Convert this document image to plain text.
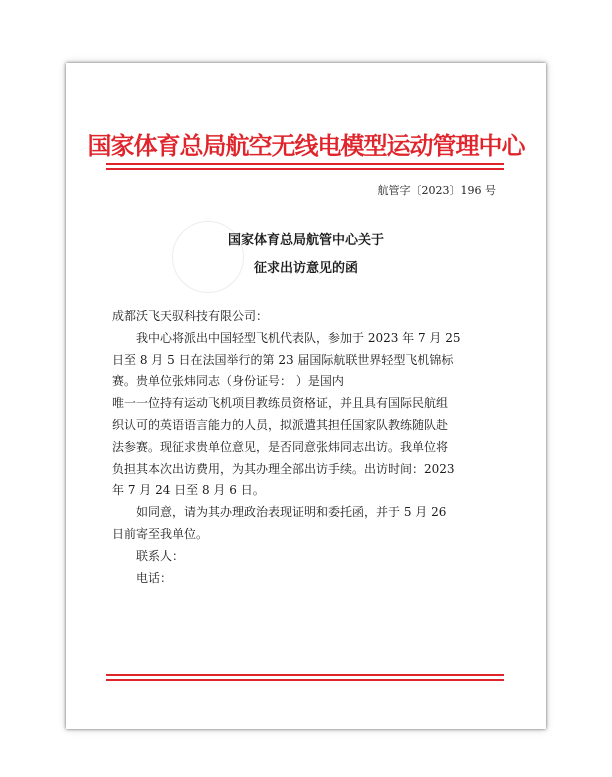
国家体育总局航空无线电模型运动管理中心
航管字〔2023〕196 号
国家体育总局航管中心关于
征求出访意见的函
成都沃飞天驭科技有限公司：
我中心将派出中国轻型飞机代表队，参加于 2023 年 7 月 25
日至 8 月 5 日在法国举行的第 23 届国际航联世界轻型飞机锦标
赛。贵单位张炜同志（身份证号： ）是国内
唯一一位持有运动飞机项目教练员资格证，并且具有国际民航组
织认可的英语语言能力的人员，拟派遣其担任国家队教练随队赴
法参赛。现征求贵单位意见，是否同意张炜同志出访。我单位将
负担其本次出访费用，为其办理全部出访手续。出访时间：2023
年 7 月 24 日至 8 月 6 日。
如同意，请为其办理政治表现证明和委托函，并于 5 月 26
日前寄至我单位。
联系人：
电话：
